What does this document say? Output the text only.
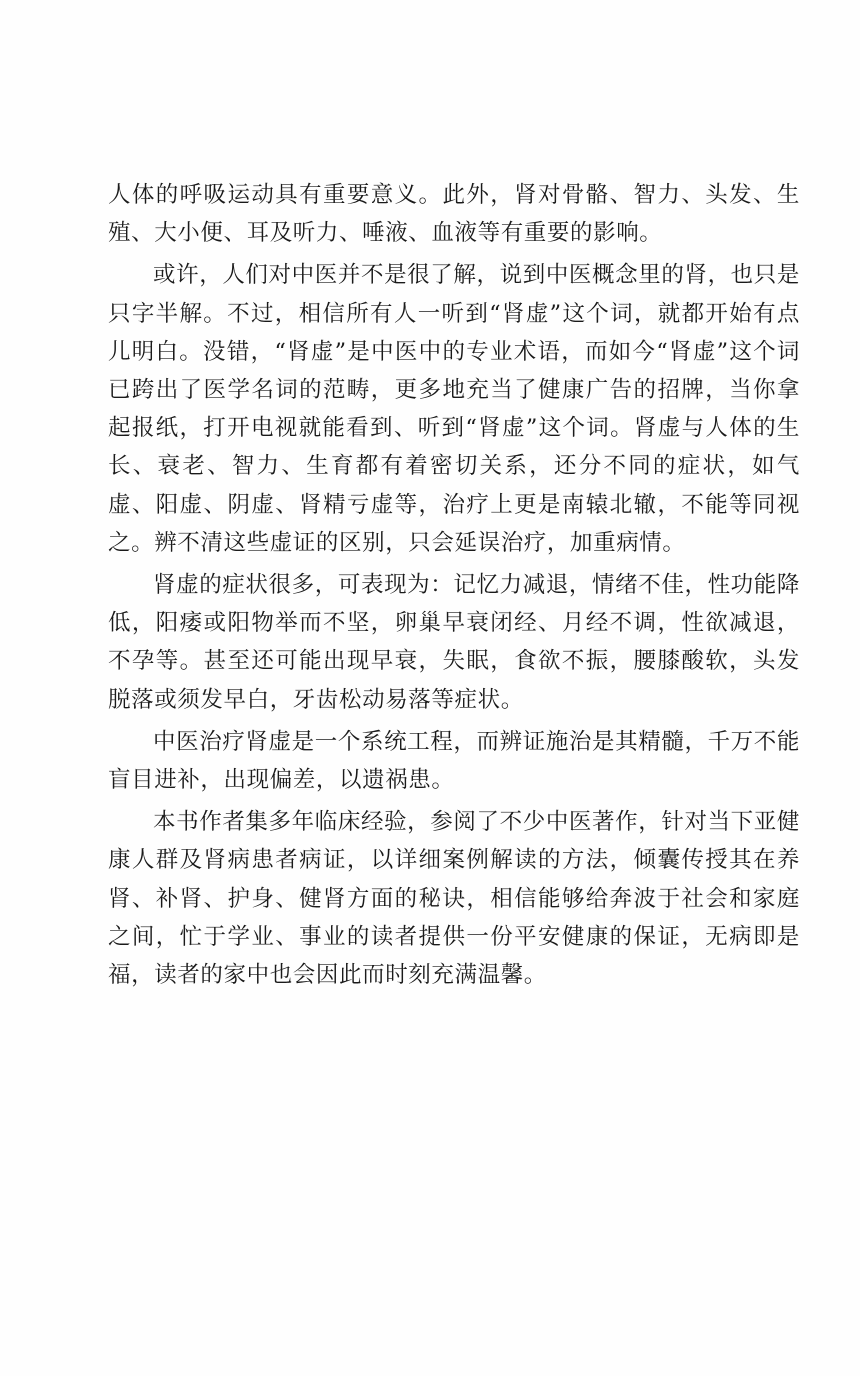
人体的呼吸运动具有重要意义。此外，肾对骨骼、智力、头发、生殖、大小便、耳及听力、唾液、血液等有重要的影响。

或许，人们对中医并不是很了解，说到中医概念里的肾，也只是只字半解。不过，相信所有人一听到“肾虚”这个词，就都开始有点儿明白。没错，“肾虚”是中医中的专业术语，而如今“肾虚”这个词已跨出了医学名词的范畴，更多地充当了健康广告的招牌，当你拿起报纸，打开电视就能看到、听到“肾虚”这个词。肾虚与人体的生长、衰老、智力、生育都有着密切关系，还分不同的症状，如气虚、阳虚、阴虚、肾精亏虚等，治疗上更是南辕北辙，不能等同视之。辨不清这些虚证的区别，只会延误治疗，加重病情。

肾虚的症状很多，可表现为：记忆力减退，情绪不佳，性功能降低，阳痿或阳物举而不坚，卵巢早衰闭经、月经不调，性欲减退，不孕等。甚至还可能出现早衰，失眠，食欲不振，腰膝酸软，头发脱落或须发早白，牙齿松动易落等症状。

中医治疗肾虚是一个系统工程，而辨证施治是其精髓，千万不能盲目进补，出现偏差，以遗祸患。

本书作者集多年临床经验，参阅了不少中医著作，针对当下亚健康人群及肾病患者病证，以详细案例解读的方法，倾囊传授其在养肾、补肾、护身、健肾方面的秘诀，相信能够给奔波于社会和家庭之间，忙于学业、事业的读者提供一份平安健康的保证，无病即是福，读者的家中也会因此而时刻充满温馨。
